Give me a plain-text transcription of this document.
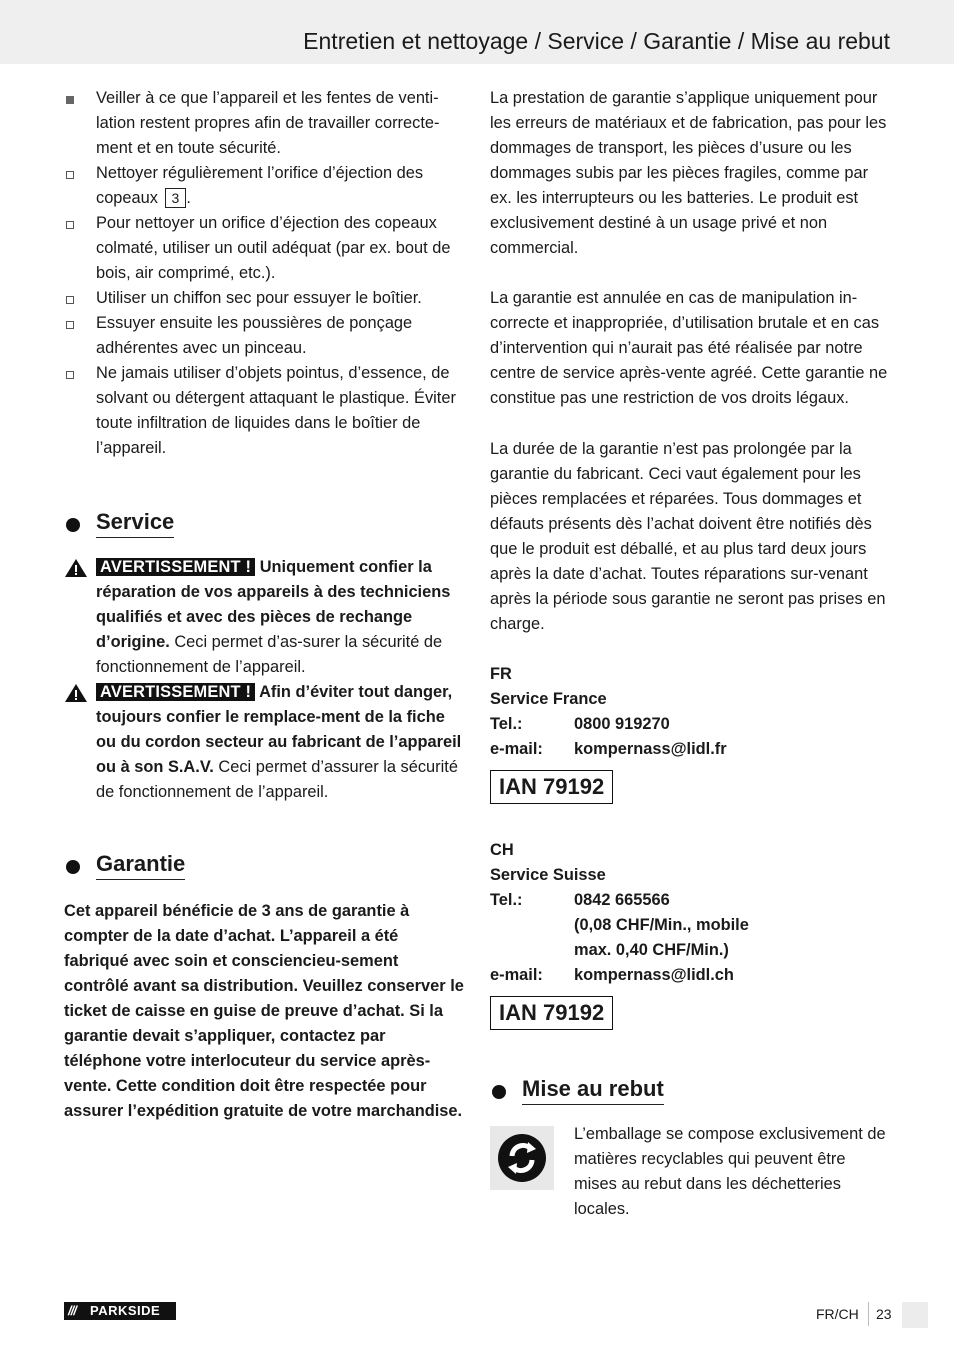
Entretien et nettoyage / Service / Garantie / Mise au rebut
Veiller à ce que l’appareil et les fentes de venti-lation restent propres afin de travailler correcte-ment et en toute sécurité.
Nettoyer régulièrement l’orifice d’éjection des copeaux 3 .
Pour nettoyer un orifice d’éjection des copeaux colmaté, utiliser un outil adéquat (par ex. bout de bois, air comprimé, etc.).
Utiliser un chiffon sec pour essuyer le boîtier.
Essuyer ensuite les poussières de ponçage adhérentes avec un pinceau.
Ne jamais utiliser d’objets pointus, d’essence, de solvant ou détergent attaquant le plastique. Éviter toute infiltration de liquides dans le boîtier de l’appareil.
Service
AVERTISSEMENT ! Uniquement confier la réparation de vos appareils à des techniciens qualifiés et avec des pièces de rechange d’origine. Ceci permet d’as-surer la sécurité de fonctionnement de l’appareil.
AVERTISSEMENT ! Afin d’éviter tout danger, toujours confier le remplace-ment de la fiche ou du cordon secteur au fabricant de l’appareil ou à son S.A.V. Ceci permet d’assurer la sécurité de fonctionnement de l’appareil.
Garantie

Cet appareil bénéficie de 3 ans de garantie à compter de la date d’achat. L’appareil a été fabriqué avec soin et consciencieu-sement contrôlé avant sa distribution. Veuillez conserver le ticket de caisse en guise de preuve d’achat. Si la garantie devait s’appliquer, contactez par téléphone votre interlocuteur du service après-vente. Cette condition doit être respectée pour assurer l’expédition gratuite de votre marchandise.

La prestation de garantie s’applique uniquement pour les erreurs de matériaux et de fabrication, pas pour les dommages de transport, les pièces d’usure ou les dommages subis par les pièces fragiles, comme par ex. les interrupteurs ou les batteries. Le produit est exclusivement destiné à un usage privé et non commercial.

La garantie est annulée en cas de manipulation in-correcte et inappropriée, d’utilisation brutale et en cas d’intervention qui n’aurait pas été réalisée par notre centre de service après-vente agréé. Cette garantie ne constitue pas une restriction de vos droits légaux.

La durée de la garantie n’est pas prolongée par la garantie du fabricant. Ceci vaut également pour les pièces remplacées et réparées. Tous dommages et défauts présents dès l’achat doivent être notifiés dès que le produit est déballé, et au plus tard deux jours après la date d’achat. Toutes réparations sur-venant après la période sous garantie ne seront pas prises en charge.

FR
Service France
Tel.:	0800 919270
e-mail:	kompernass@lidl.fr
IAN 79192
CH
Service Suisse
Tel.:	0842 665566
(0,08 CHF/Min., mobile
max. 0,40 CHF/Min.)
e-mail:	kompernass@lidl.ch
IAN 79192
Mise au rebut

L’emballage se compose exclusivement de matières recyclables qui peuvent être mises au rebut dans les déchetteries locales.

/// PARKSIDE	FR/CH 23
